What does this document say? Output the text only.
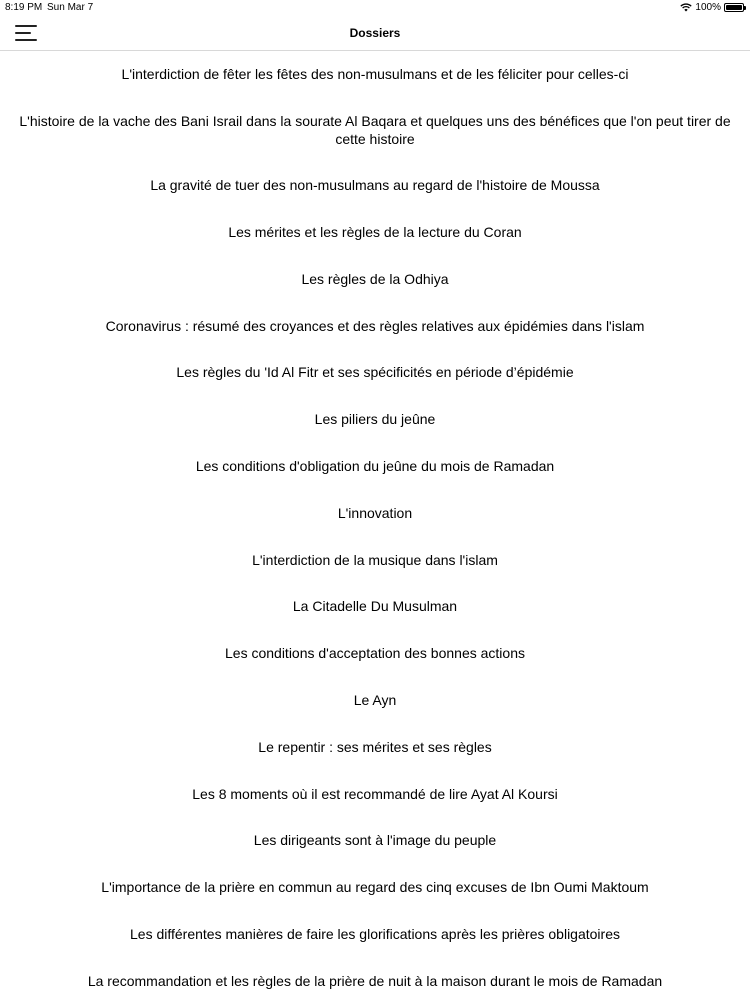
8:19 PM Sun Mar 7	100%
Dossiers
L'interdiction de fêter les fêtes des non-musulmans et de les féliciter pour celles-ci
L'histoire de la vache des Bani Israil dans la sourate Al Baqara et quelques uns des bénéfices que l'on peut tirer de cette histoire
La gravité de tuer des non-musulmans au regard de l'histoire de Moussa
Les mérites et les règles de la lecture du Coran
Les règles de la Odhiya
Coronavirus : résumé des croyances et des règles relatives aux épidémies dans l'islam
Les règles du 'Id Al Fitr et ses spécificités en période d’épidémie
Les piliers du jeûne
Les conditions d'obligation du jeûne du mois de Ramadan
L'innovation
L'interdiction de la musique dans l'islam
La Citadelle Du Musulman
Les conditions d'acceptation des bonnes actions
Le Ayn
Le repentir : ses mérites et ses règles
Les 8 moments où il est recommandé de lire Ayat Al Koursi
Les dirigeants sont à l'image du peuple
L'importance de la prière en commun au regard des cinq excuses de Ibn Oumi Maktoum
Les différentes manières de faire les glorifications après les prières obligatoires
La recommandation et les règles de la prière de nuit à la maison durant le mois de Ramadan
